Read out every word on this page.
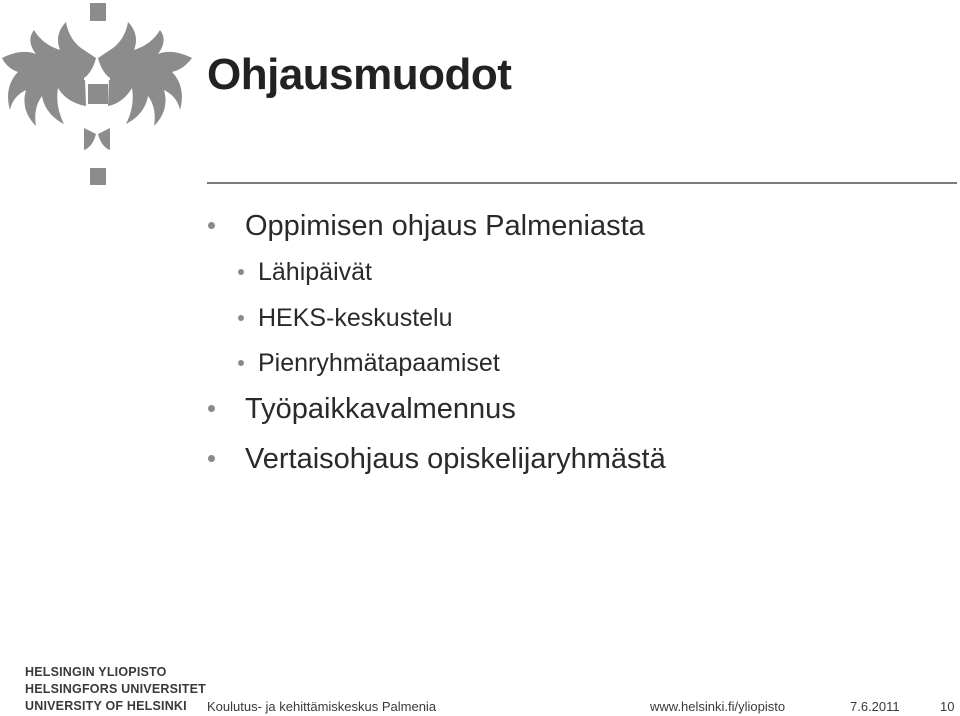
Ohjausmuodot
Oppimisen ohjaus Palmeniasta
Lähipäivät
HEKS-keskustelu
Pienryhmätapaamiset
Työpaikkavalmennus
Vertaisohjaus opiskelijaryhmästä
HELSINGIN YLIOPISTO
HELSINGFORS UNIVERSITET
UNIVERSITY OF HELSINKI	Koulutus- ja kehittämiskeskus Palmenia	www.helsinki.fi/yliopisto	7.6.2011	10
